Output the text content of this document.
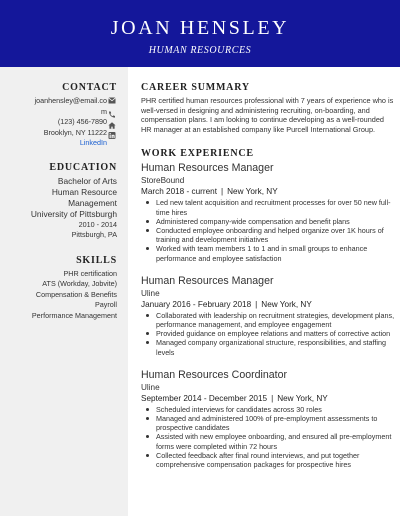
JOAN HENSLEY
HUMAN RESOURCES
CONTACT
joanhensley@email.co
m
(123) 456-7890
Brooklyn, NY 11222
LinkedIn
EDUCATION
Bachelor of Arts
Human Resource
Management
University of Pittsburgh
2010 - 2014
Pittsburgh, PA
SKILLS
PHR certification
ATS (Workday, Jobvite)
Compensation & Benefits
Payroll
Performance Management
CAREER SUMMARY
PHR certified human resources professional with 7 years of experience who is well-versed in designing and administering recruiting, on-boarding, and compensation plans. I am looking to continue developing as a well-rounded HR manager at an established company like Purcell International Group.
WORK EXPERIENCE
Human Resources Manager
StoreBound
March 2018 - current | New York, NY
Led new talent acquisition and recruitment processes for over 50 new full-time hires
Administered company-wide compensation and benefit plans
Conducted employee onboarding and helped organize over 1K hours of training and development initiatives
Worked with team members 1 to 1 and in small groups to enhance performance and employee satisfaction
Human Resources Manager
Uline
January 2016 - February 2018 | New York, NY
Collaborated with leadership on recruitment strategies, development plans, performance management, and employee engagement
Provided guidance on employee relations and matters of corrective action
Managed company organizational structure, responsibilities, and staffing levels
Human Resources Coordinator
Uline
September 2014 - December 2015 | New York, NY
Scheduled interviews for candidates across 30 roles
Managed and administered 100% of pre-employment assessments to prospective candidates
Assisted with new employee onboarding, and ensured all pre-employment forms were completed within 72 hours
Collected feedback after final round interviews, and put together comprehensive compensation packages for prospective hires
